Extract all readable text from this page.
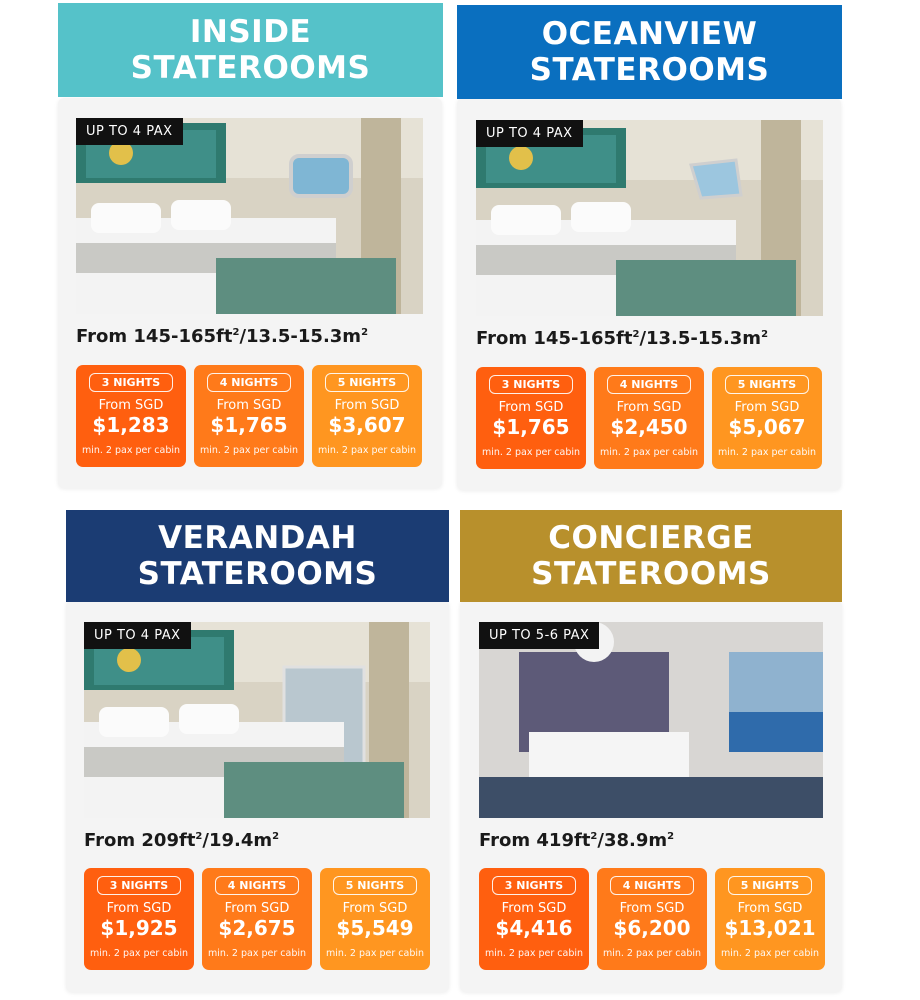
INSIDE
STATEROOMS
UP TO 4 PAX
From $145-165ft^2/13.5-15.3m^2$
3 NIGHTS
From SGD
$1,283
min. 2 pax per cabin
4 NIGHTS
From SGD
$1,765
min. 2 pax per cabin
5 NIGHTS
From SGD
$3,607
min. 2 pax per cabin
OCEANVIEW
STATEROOMS
UP TO 4 PAX
From $145-165ft^2/13.5-15.3m^2$
3 NIGHTS
From SGD
$1,765
min. 2 pax per cabin
4 NIGHTS
From SGD
$2,450
min. 2 pax per cabin
5 NIGHTS
From SGD
$5,067
min. 2 pax per cabin
VERANDAH
STATEROOMS
UP TO 4 PAX
From $209ft^2/19.4m^2$
3 NIGHTS
From SGD
$1,925
min. 2 pax per cabin
4 NIGHTS
From SGD
$2,675
min. 2 pax per cabin
5 NIGHTS
From SGD
$5,549
min. 2 pax per cabin
CONCIERGE
STATEROOMS
UP TO 5-6 PAX
From $419ft^2/38.9m^2$
3 NIGHTS
From SGD
$4,416
min. 2 pax per cabin
4 NIGHTS
From SGD
$6,200
min. 2 pax per cabin
5 NIGHTS
From SGD
$13,021
min. 2 pax per cabin
